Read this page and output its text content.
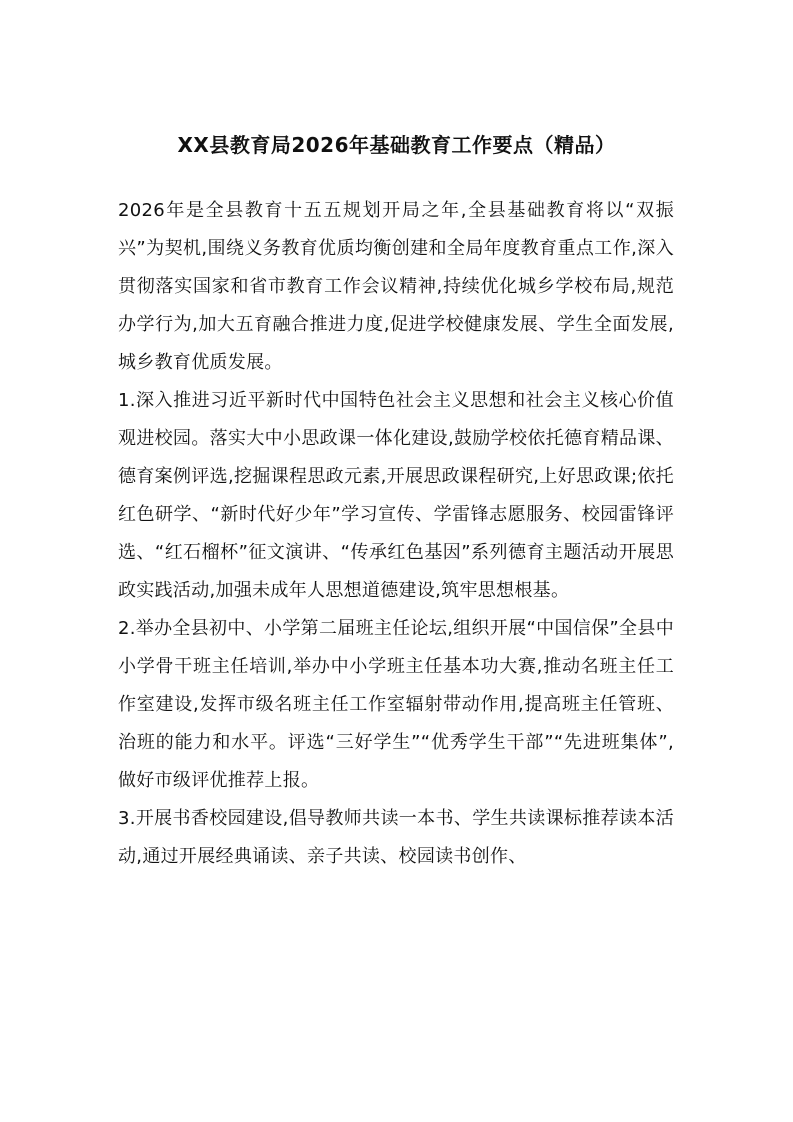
XX县教育局2026年基础教育工作要点（精品）

2026年是全县教育十五五规划开局之年,全县基础教育将以“双振兴”为契机,围绕义务教育优质均衡创建和全局年度教育重点工作,深入贯彻落实国家和省市教育工作会议精神,持续优化城乡学校布局,规范办学行为,加大五育融合推进力度,促进学校健康发展、学生全面发展,城乡教育优质发展。

1.深入推进习近平新时代中国特色社会主义思想和社会主义核心价值观进校园。落实大中小思政课一体化建设,鼓励学校依托德育精品课、德育案例评选,挖掘课程思政元素,开展思政课程研究,上好思政课;依托红色研学、“新时代好少年”学习宣传、学雷锋志愿服务、校园雷锋评选、“红石榴杯”征文演讲、“传承红色基因”系列德育主题活动开展思政实践活动,加强未成年人思想道德建设,筑牢思想根基。

2.举办全县初中、小学第二届班主任论坛,组织开展“中国信保”全县中小学骨干班主任培训,举办中小学班主任基本功大赛,推动名班主任工作室建设,发挥市级名班主任工作室辐射带动作用,提高班主任管班、治班的能力和水平。评选“三好学生”“优秀学生干部”“先进班集体”,做好市级评优推荐上报。

3.开展书香校园建设,倡导教师共读一本书、学生共读课标推荐读本活动,通过开展经典诵读、亲子共读、校园读书创作、
